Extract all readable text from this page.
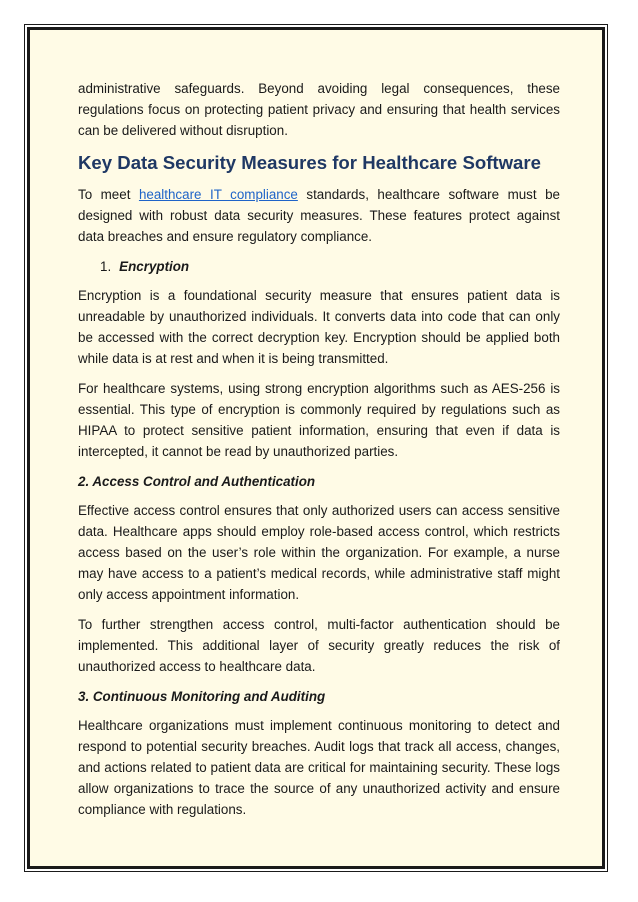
administrative safeguards. Beyond avoiding legal consequences, these regulations focus on protecting patient privacy and ensuring that health services can be delivered without disruption.

Key Data Security Measures for Healthcare Software

To meet healthcare IT compliance standards, healthcare software must be designed with robust data security measures. These features protect against data breaches and ensure regulatory compliance.

1. Encryption

Encryption is a foundational security measure that ensures patient data is unreadable by unauthorized individuals. It converts data into code that can only be accessed with the correct decryption key. Encryption should be applied both while data is at rest and when it is being transmitted.

For healthcare systems, using strong encryption algorithms such as AES-256 is essential. This type of encryption is commonly required by regulations such as HIPAA to protect sensitive patient information, ensuring that even if data is intercepted, it cannot be read by unauthorized parties.

2. Access Control and Authentication

Effective access control ensures that only authorized users can access sensitive data. Healthcare apps should employ role-based access control, which restricts access based on the user’s role within the organization. For example, a nurse may have access to a patient’s medical records, while administrative staff might only access appointment information.

To further strengthen access control, multi-factor authentication should be implemented. This additional layer of security greatly reduces the risk of unauthorized access to healthcare data.

3. Continuous Monitoring and Auditing

Healthcare organizations must implement continuous monitoring to detect and respond to potential security breaches. Audit logs that track all access, changes, and actions related to patient data are critical for maintaining security. These logs allow organizations to trace the source of any unauthorized activity and ensure compliance with regulations.
